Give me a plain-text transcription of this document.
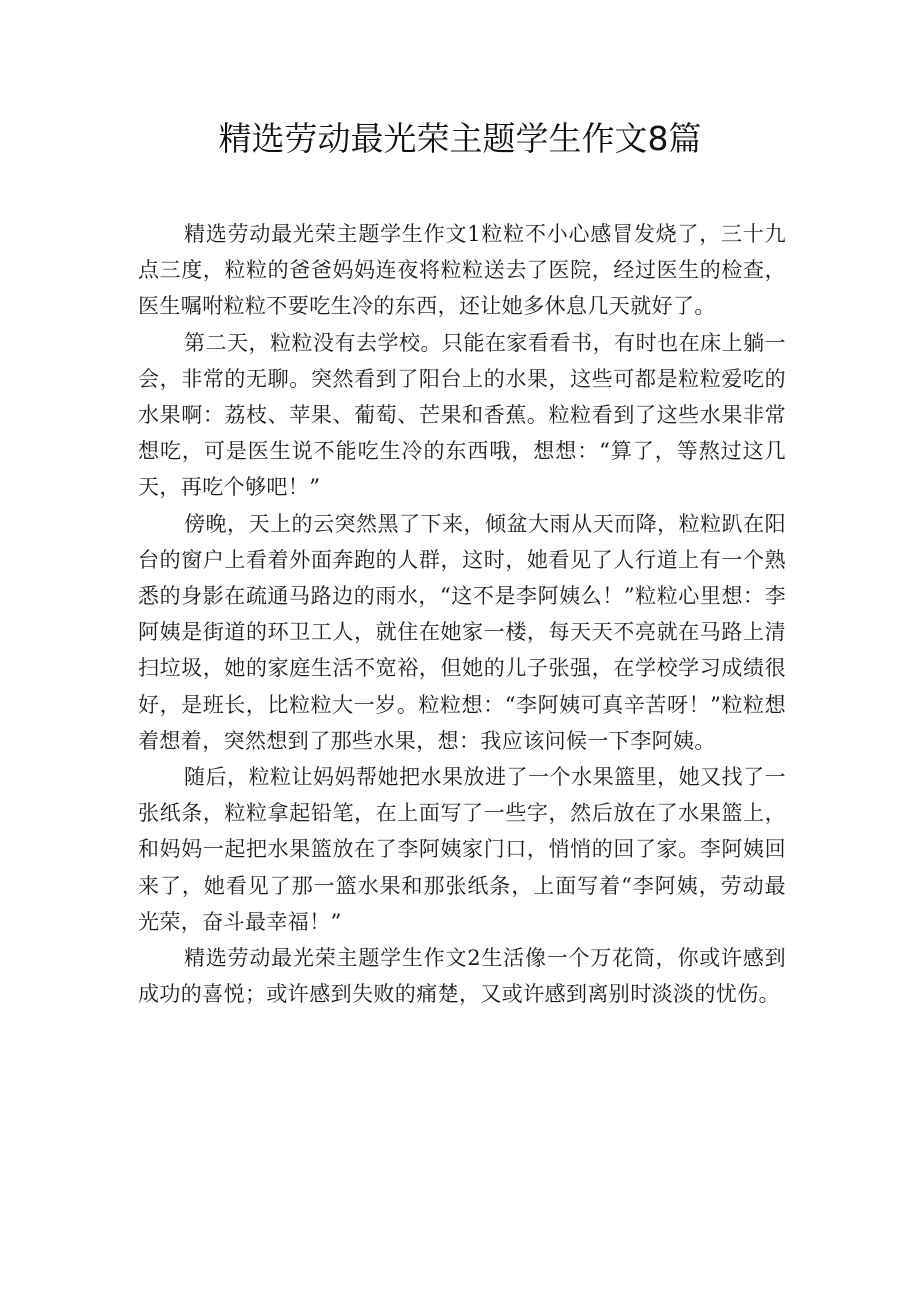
精选劳动最光荣主题学生作文8篇

精选劳动最光荣主题学生作文1粒粒不小心感冒发烧了，三十九点三度，粒粒的爸爸妈妈连夜将粒粒送去了医院，经过医生的检查，医生嘱咐粒粒不要吃生冷的东西，还让她多休息几天就好了。

第二天，粒粒没有去学校。只能在家看看书，有时也在床上躺一会，非常的无聊。突然看到了阳台上的水果，这些可都是粒粒爱吃的水果啊：荔枝、苹果、葡萄、芒果和香蕉。粒粒看到了这些水果非常想吃，可是医生说不能吃生冷的东西哦，想想：“算了，等熬过这几天，再吃个够吧！”

傍晚，天上的云突然黑了下来，倾盆大雨从天而降，粒粒趴在阳台的窗户上看着外面奔跑的人群，这时，她看见了人行道上有一个熟悉的身影在疏通马路边的雨水，“这不是李阿姨么！”粒粒心里想：李阿姨是街道的环卫工人，就住在她家一楼，每天天不亮就在马路上清扫垃圾，她的家庭生活不宽裕，但她的儿子张强，在学校学习成绩很好，是班长，比粒粒大一岁。粒粒想：“李阿姨可真辛苦呀！”粒粒想着想着，突然想到了那些水果，想：我应该问候一下李阿姨。

随后，粒粒让妈妈帮她把水果放进了一个水果篮里，她又找了一张纸条，粒粒拿起铅笔，在上面写了一些字，然后放在了水果篮上，和妈妈一起把水果篮放在了李阿姨家门口，悄悄的回了家。李阿姨回来了，她看见了那一篮水果和那张纸条，上面写着“李阿姨，劳动最光荣，奋斗最幸福！”

精选劳动最光荣主题学生作文2生活像一个万花筒，你或许感到成功的喜悦；或许感到失败的痛楚，又或许感到离别时淡淡的忧伤。
